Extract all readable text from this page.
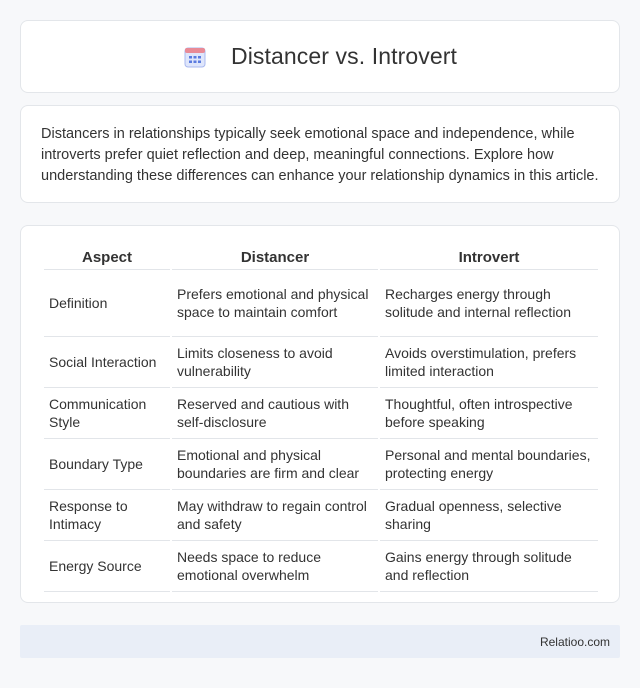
Distancer vs. Introvert

Distancers in relationships typically seek emotional space and independence, while introverts prefer quiet reflection and deep, meaningful connections. Explore how understanding these differences can enhance your relationship dynamics in this article.

Aspect	Distancer	Introvert
Definition	Prefers emotional and physical space to maintain comfort	Recharges energy through solitude and internal reflection
Social Interaction	Limits closeness to avoid vulnerability	Avoids overstimulation, prefers limited interaction
Communication Style	Reserved and cautious with self-disclosure	Thoughtful, often introspective before speaking
Boundary Type	Emotional and physical boundaries are firm and clear	Personal and mental boundaries, protecting energy
Response to Intimacy	May withdraw to regain control and safety	Gradual openness, selective sharing
Energy Source	Needs space to reduce emotional overwhelm	Gains energy through solitude and reflection
Relatioo.com
